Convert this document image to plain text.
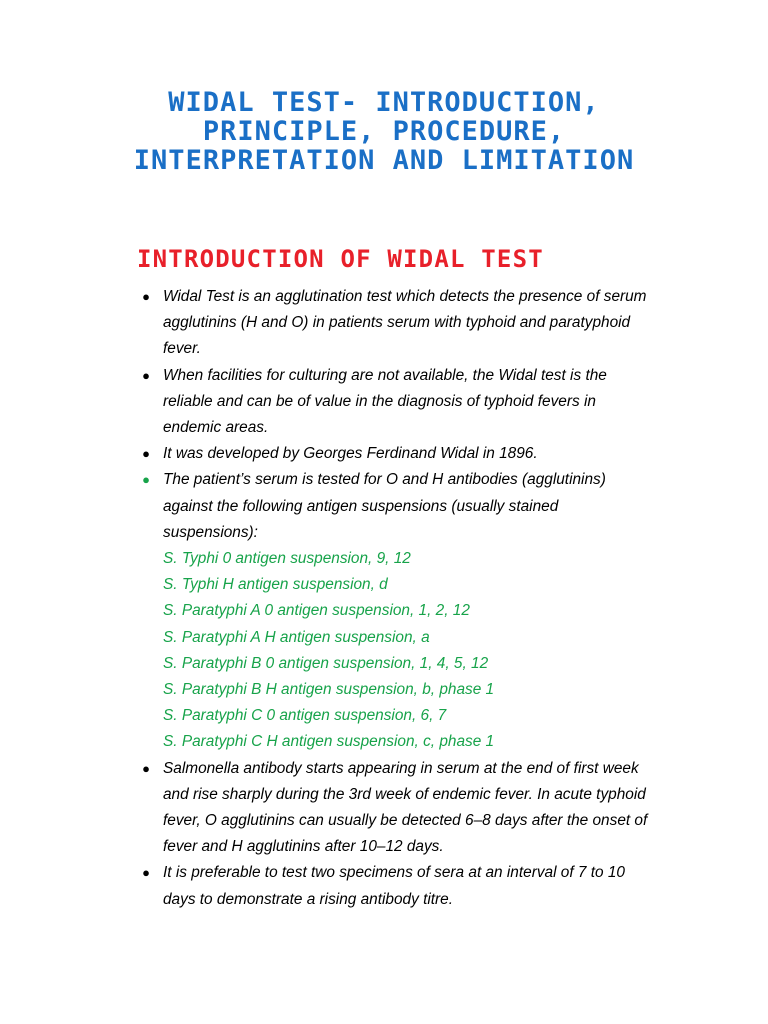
WIDAL TEST- INTRODUCTION, PRINCIPLE, PROCEDURE, INTERPRETATION AND LIMITATION
INTRODUCTION OF WIDAL TEST
● Widal Test is an agglutination test which detects the presence of serum agglutinins (H and O) in patients serum with typhoid and paratyphoid fever.
● When facilities for culturing are not available, the Widal test is the reliable and can be of value in the diagnosis of typhoid fevers in endemic areas.
● It was developed by Georges Ferdinand Widal in 1896.
● The patient’s serum is tested for O and H antibodies (agglutinins) against the following antigen suspensions (usually stained suspensions):
S. Typhi 0 antigen suspension, 9, 12
S. Typhi H antigen suspension, d
S. Paratyphi A 0 antigen suspension, 1, 2, 12
S. Paratyphi A H antigen suspension, a
S. Paratyphi B 0 antigen suspension, 1, 4, 5, 12
S. Paratyphi B H antigen suspension, b, phase 1
S. Paratyphi C 0 antigen suspension, 6, 7
S. Paratyphi C H antigen suspension, c, phase 1
● Salmonella antibody starts appearing in serum at the end of first week and rise sharply during the 3rd week of endemic fever. In acute typhoid fever, O agglutinins can usually be detected 6–8 days after the onset of fever and H agglutinins after 10–12 days.
● It is preferable to test two specimens of sera at an interval of 7 to 10 days to demonstrate a rising antibody titre.
